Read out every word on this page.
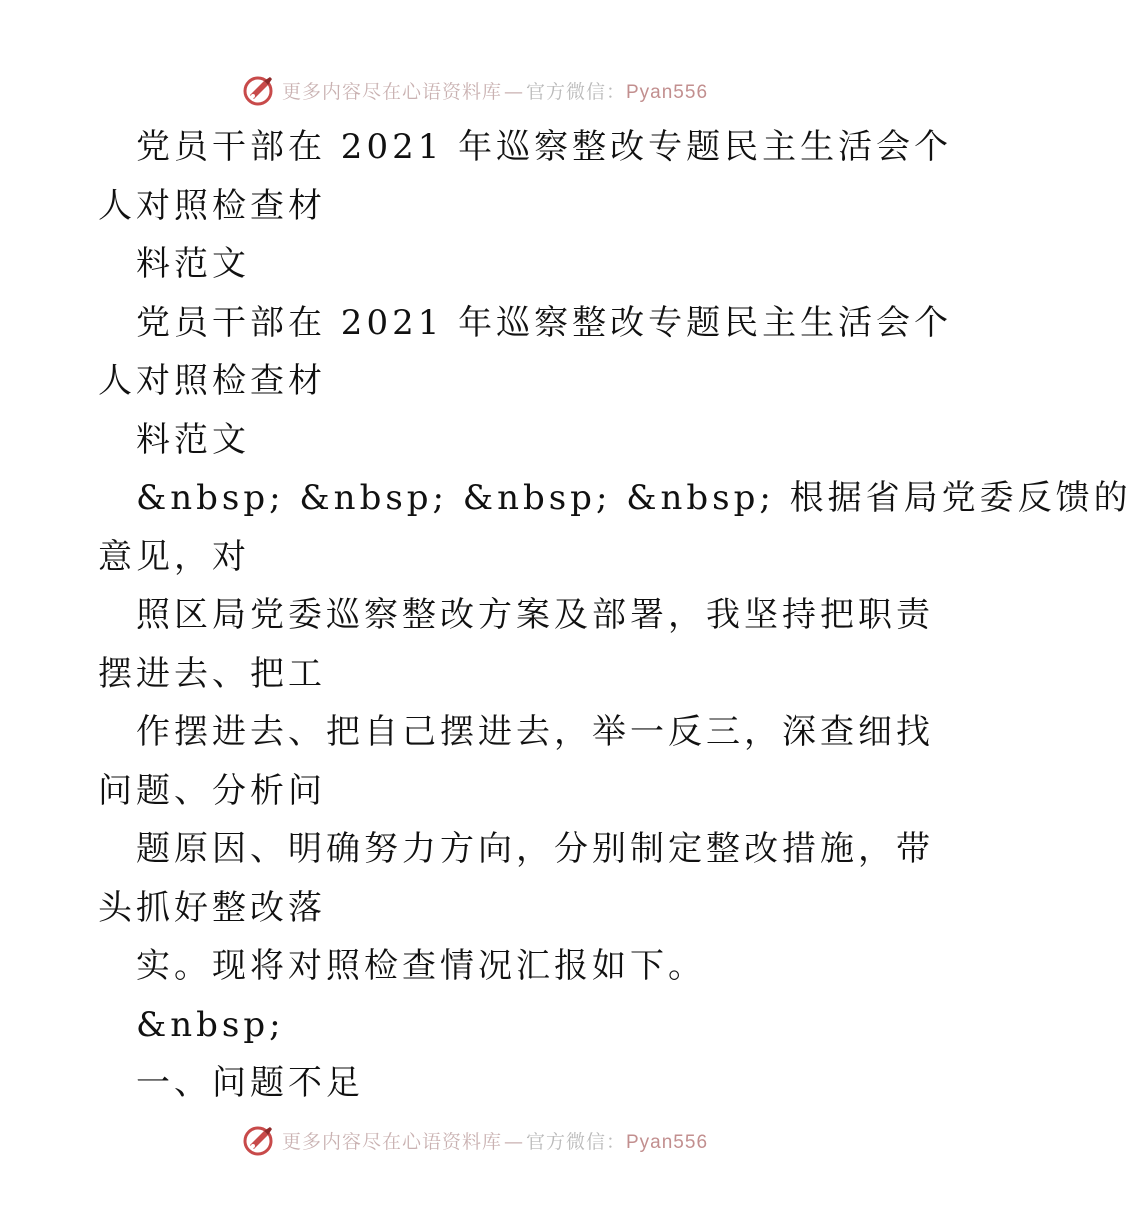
更多内容尽在心语资料库 — 官方微信：Pyan556
党员干部在 2021 年巡察整改专题民主生活会个
人对照检查材
料范文
党员干部在 2021 年巡察整改专题民主生活会个
人对照检查材
料范文
&nbsp; &nbsp; &nbsp; &nbsp; 根据省局党委反馈的
意见，对
照区局党委巡察整改方案及部署，我坚持把职责
摆进去、把工
作摆进去、把自己摆进去，举一反三，深查细找
问题、分析问
题原因、明确努力方向，分别制定整改措施，带
头抓好整改落
实。现将对照检查情况汇报如下。
&nbsp;
一、问题不足
更多内容尽在心语资料库 — 官方微信：Pyan556
